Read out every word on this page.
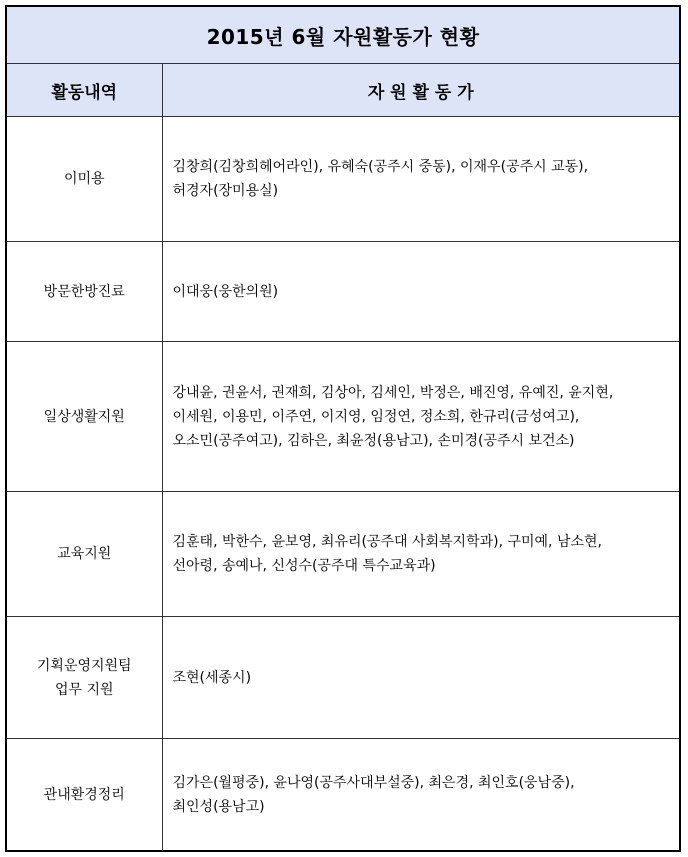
2015년 6월 자원활동가 현황	
활동내역	자 원 활 동 가

이미용	김창희(김창희헤어라인), 유혜숙(공주시 중동), 이재우(공주시 교동),
허경자(장미용실)

방문한방진료	이대웅(웅한의원)

일상생활지원	강내윤, 권윤서, 권재희, 김상아, 김세인, 박정은, 배진영, 유예진, 윤지현,
이세원, 이용민, 이주연, 이지영, 임정연, 정소희, 한규리(금성여고),
오소민(공주여고), 김하은, 최윤정(용남고), 손미경(공주시 보건소)

교육지원	김훈태, 박한수, 윤보영, 최유리(공주대 사회복지학과), 구미예, 남소현,
선아령, 송예나, 신성수(공주대 특수교육과)

기획운영지원팀
업무 지원	조현(세종시)

관내환경정리	김가은(월평중), 윤나영(공주사대부설중), 최은경, 최인호(웅남중),
최인성(용남고)
